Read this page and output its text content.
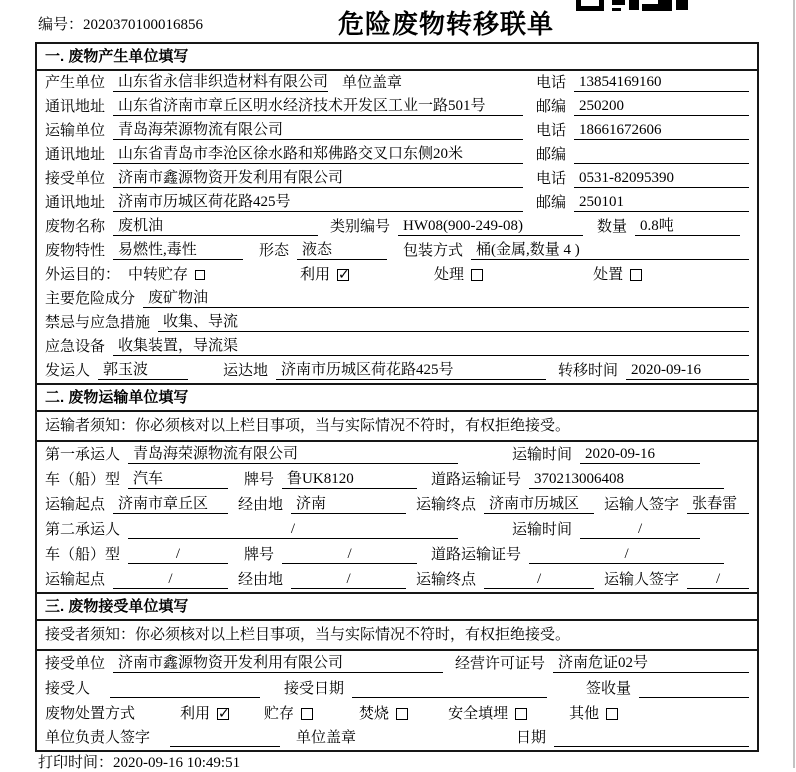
编号：2020370100016856	危险废物转移联单
一. 废物产生单位填写
产生单位 山东省永信非织造材料有限公司 单位盖章	电话 13854169160
通讯地址 山东省济南市章丘区明水经济技术开发区工业一路501号	邮编 250200
运输单位 青岛海荣源物流有限公司	电话 18661672606
通讯地址 山东省青岛市李沧区徐水路和郑佛路交叉口东侧20米	邮编
接受单位 济南市鑫源物资开发利用有限公司	电话 0531-82095390
通讯地址 济南市历城区荷花路425号	邮编 250101
废物名称 废机油	类别编号 HW08(900-249-08)	数量 0.8吨
废物特性 易燃性,毒性	形态 液态	包装方式 桶(金属,数量 4 )
外运目的： 中转贮存	利用 ✓	处理	处置
主要危险成分 废矿物油
禁忌与应急措施 收集、导流
应急设备 收集装置，导流渠
发运人 郭玉波	运达地 济南市历城区荷花路425号	转移时间 2020-09-16
二. 废物运输单位填写
运输者须知：你必须核对以上栏目事项，当与实际情况不符时，有权拒绝接受。
第一承运人 青岛海荣源物流有限公司	运输时间 2020-09-16
车（船）型 汽车	牌号 鲁UK8120	道路运输证号 370213006408
运输起点 济南市章丘区	经由地 济南	运输终点 济南市历城区	运输人签字 张春雷
第二承运人	/	运输时间	/
车（船）型	/	牌号	/	道路运输证号	/
运输起点	/	经由地	/	运输终点	/	运输人签字	/
三. 废物接受单位填写
接受者须知：你必须核对以上栏目事项，当与实际情况不符时，有权拒绝接受。
接受单位 济南市鑫源物资开发利用有限公司	经营许可证号 济南危证02号
接受人	接受日期	签收量
废物处置方式	利用 ✓	贮存	焚烧	安全填埋	其他
单位负责人签字	单位盖章	日期
打印时间：2020-09-16 10:49:51
